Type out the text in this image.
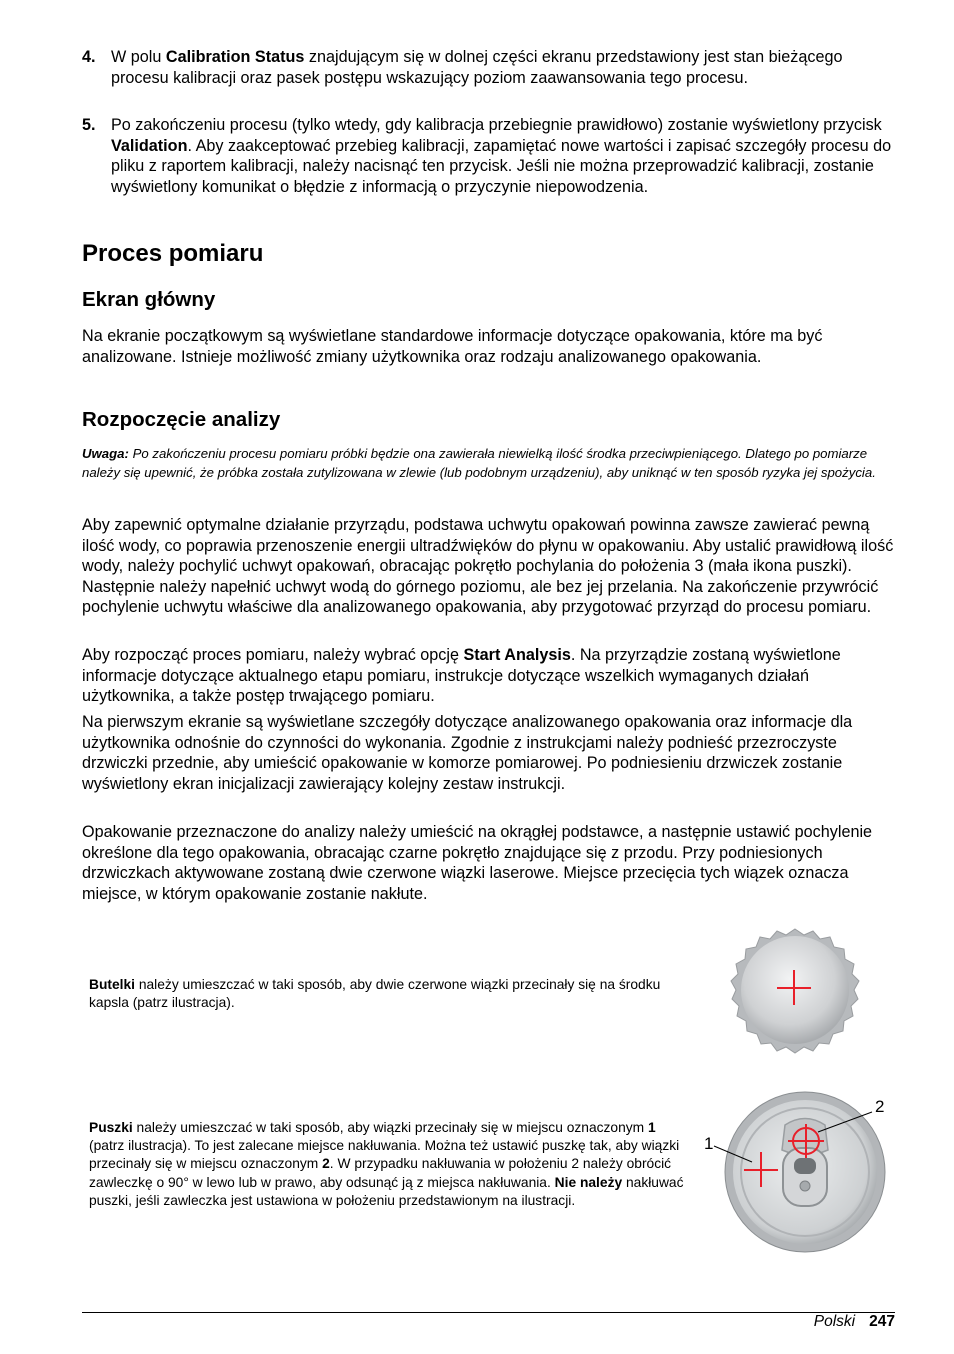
4. W polu Calibration Status znajdującym się w dolnej części ekranu przedstawiony jest stan bieżącego procesu kalibracji oraz pasek postępu wskazujący poziom zaawansowania tego procesu.
5. Po zakończeniu procesu (tylko wtedy, gdy kalibracja przebiegnie prawidłowo) zostanie wyświetlony przycisk Validation. Aby zaakceptować przebieg kalibracji, zapamiętać nowe wartości i zapisać szczegóły procesu do pliku z raportem kalibracji, należy nacisnąć ten przycisk. Jeśli nie można przeprowadzić kalibracji, zostanie wyświetlony komunikat o błędzie z informacją o przyczynie niepowodzenia.
Proces pomiaru
Ekran główny
Na ekranie początkowym są wyświetlane standardowe informacje dotyczące opakowania, które ma być analizowane. Istnieje możliwość zmiany użytkownika oraz rodzaju analizowanego opakowania.
Rozpoczęcie analizy
Uwaga: Po zakończeniu procesu pomiaru próbki będzie ona zawierała niewielką ilość środka przeciwpieniącego. Dlatego po pomiarze należy się upewnić, że próbka została zutylizowana w zlewie (lub podobnym urządzeniu), aby uniknąć w ten sposób ryzyka jej spożycia.
Aby zapewnić optymalne działanie przyrządu, podstawa uchwytu opakowań powinna zawsze zawierać pewną ilość wody, co poprawia przenoszenie energii ultradźwięków do płynu w opakowaniu. Aby ustalić prawidłową ilość wody, należy pochylić uchwyt opakowań, obracając pokrętło pochylania do położenia 3 (mała ikona puszki). Następnie należy napełnić uchwyt wodą do górnego poziomu, ale bez jej przelania. Na zakończenie przywrócić pochylenie uchwytu właściwe dla analizowanego opakowania, aby przygotować przyrząd do procesu pomiaru.
Aby rozpocząć proces pomiaru, należy wybrać opcję Start Analysis. Na przyrządzie zostaną wyświetlone informacje dotyczące aktualnego etapu pomiaru, instrukcje dotyczące wszelkich wymaganych działań użytkownika, a także postęp trwającego pomiaru.
Na pierwszym ekranie są wyświetlane szczegóły dotyczące analizowanego opakowania oraz informacje dla użytkownika odnośnie do czynności do wykonania. Zgodnie z instrukcjami należy podnieść przezroczyste drzwiczki przednie, aby umieścić opakowanie w komorze pomiarowej. Po podniesieniu drzwiczek zostanie wyświetlony ekran inicjalizacji zawierający kolejny zestaw instrukcji.
Opakowanie przeznaczone do analizy należy umieścić na okrągłej podstawce, a następnie ustawić pochylenie określone dla tego opakowania, obracając czarne pokrętło znajdujące się z przodu. Przy podniesionych drzwiczkach aktywowane zostaną dwie czerwone wiązki laserowe. Miejsce przecięcia tych wiązek oznacza miejsce, w którym opakowanie zostanie nakłute.
Butelki należy umieszczać w taki sposób, aby dwie czerwone wiązki przecinały się na środku kapsla (patrz ilustracja).
Puszki należy umieszczać w taki sposób, aby wiązki przecinały się w miejscu oznaczonym 1 (patrz ilustracja). To jest zalecane miejsce nakłuwania. Można też ustawić puszkę tak, aby wiązki przecinały się w miejscu oznaczonym 2. W przypadku nakłuwania w położeniu 2 należy obrócić zawleczkę o 90° w lewo lub w prawo, aby odsunąć ją z miejsca nakłuwania. Nie należy nakłuwać puszki, jeśli zawleczka jest ustawiona w położeniu przedstawionym na ilustracji.
2
1
Polski 247
